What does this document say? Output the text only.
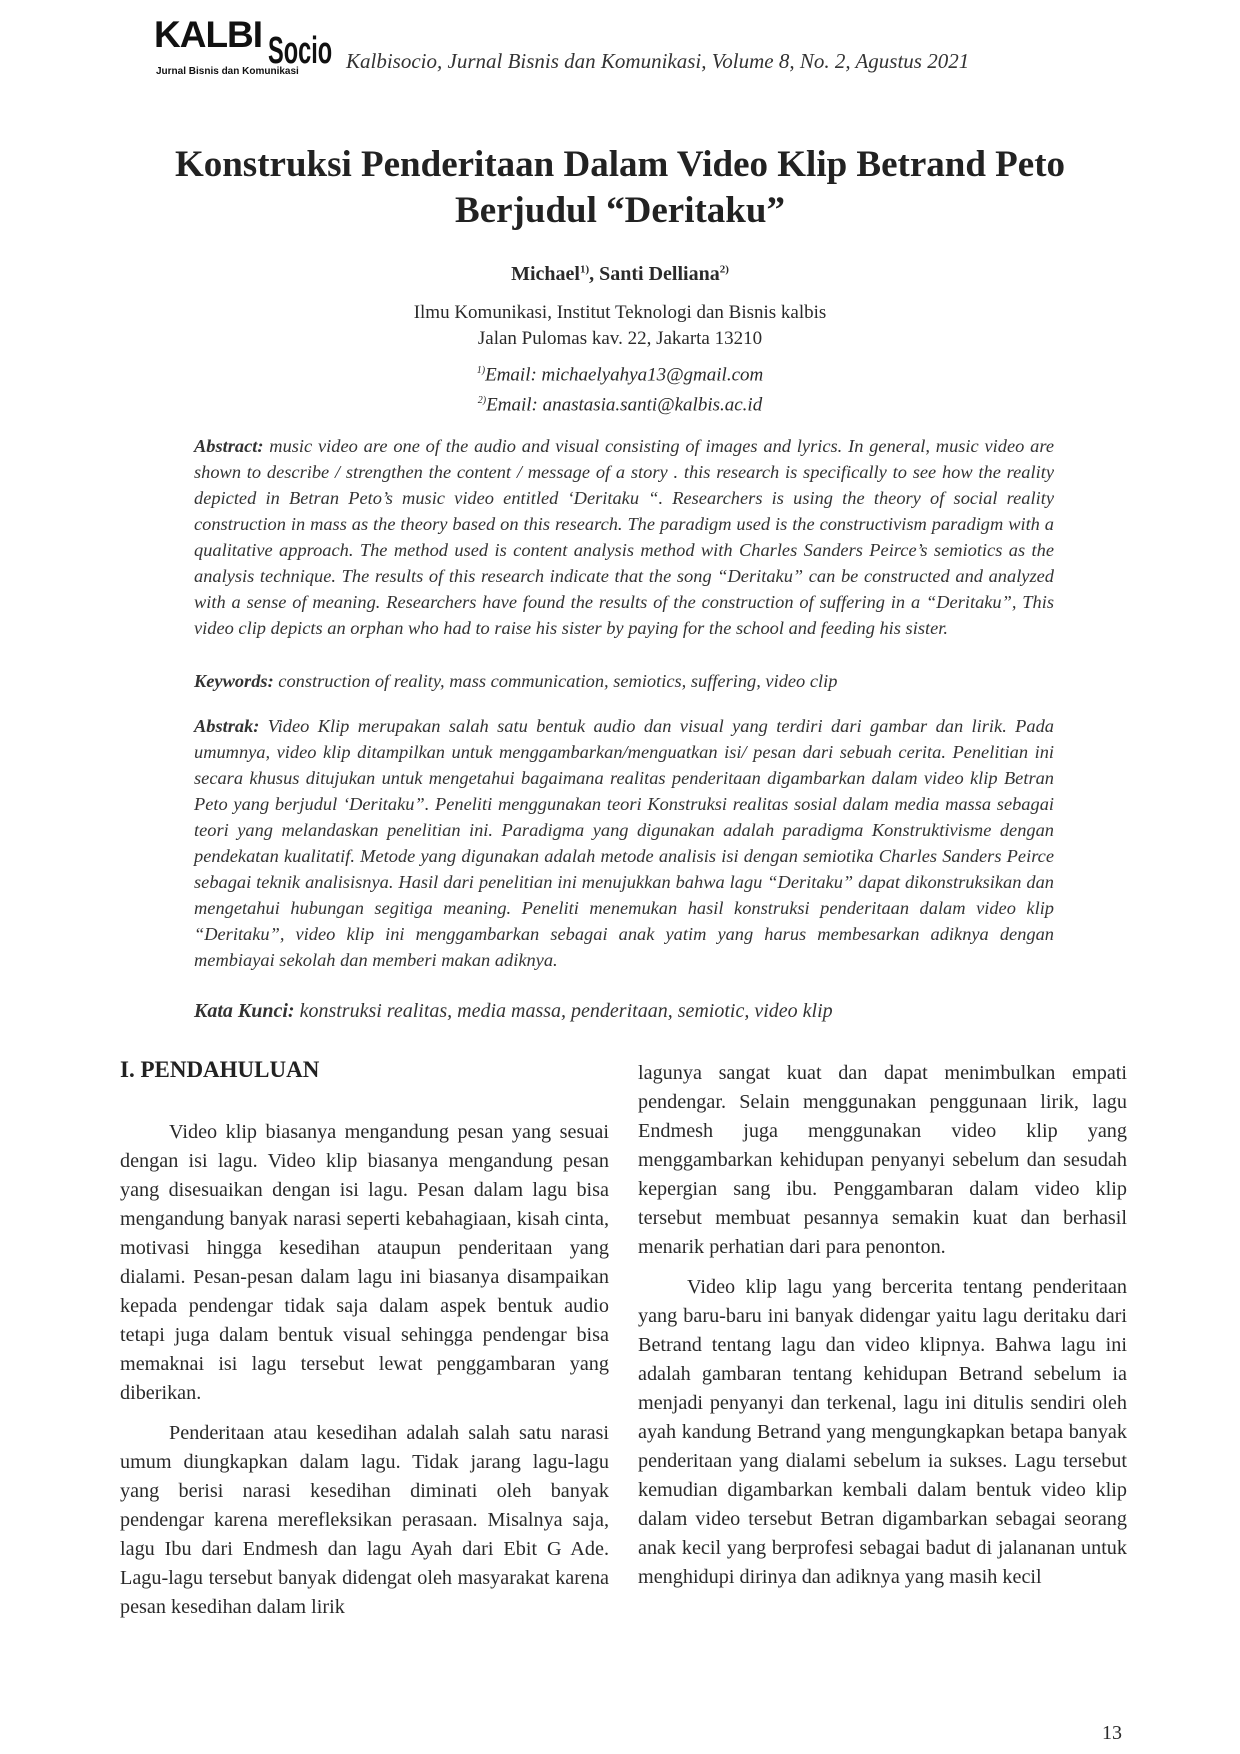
KALBI Socio
Jurnal Bisnis dan Komunikasi Kalbisocio, Jurnal Bisnis dan Komunikasi, Volume 8, No. 2, Agustus 2021
Konstruksi Penderitaan Dalam Video Klip Betrand Peto
Berjudul “Deritaku”
Michael$^{1)}$, Santi Delliana$^{2)}$
Ilmu Komunikasi, Institut Teknologi dan Bisnis kalbis
Jalan Pulomas kav. 22, Jakarta 13210
$^{1)}$Email: michaelyahya13@gmail.com
$^{2)}$Email: anastasia.santi@kalbis.ac.id

Abstract: music video are one of the audio and visual consisting of images and lyrics. In general, music video are shown to describe / strengthen the content / message of a story . this research is specifically to see how the reality depicted in Betran Peto’s music video entitled ‘Deritaku “. Researchers is using the theory of social reality construction in mass as the theory based on this research. The paradigm used is the constructivism paradigm with a qualitative approach. The method used is content analysis method with Charles Sanders Peirce’s semiotics as the analysis technique. The results of this research indicate that the song “Deritaku” can be constructed and analyzed with a sense of meaning. Researchers have found the results of the construction of suffering in a “Deritaku”, This video clip depicts an orphan who had to raise his sister by paying for the school and feeding his sister.

Keywords: construction of reality, mass communication, semiotics, suffering, video clip

Abstrak: Video Klip merupakan salah satu bentuk audio dan visual yang terdiri dari gambar dan lirik. Pada umumnya, video klip ditampilkan untuk menggambarkan/menguatkan isi/ pesan dari sebuah cerita. Penelitian ini secara khusus ditujukan untuk mengetahui bagaimana realitas penderitaan digambarkan dalam video klip Betran Peto yang berjudul ‘Deritaku”. Peneliti menggunakan teori Konstruksi realitas sosial dalam media massa sebagai teori yang melandaskan penelitian ini. Paradigma yang digunakan adalah paradigma Konstruktivisme dengan pendekatan kualitatif. Metode yang digunakan adalah metode analisis isi dengan semiotika Charles Sanders Peirce sebagai teknik analisisnya. Hasil dari penelitian ini menujukkan bahwa lagu “Deritaku” dapat dikonstruksikan dan mengetahui hubungan segitiga meaning. Peneliti menemukan hasil konstruksi penderitaan dalam video klip “Deritaku”, video klip ini menggambarkan sebagai anak yatim yang harus membesarkan adiknya dengan membiayai sekolah dan memberi makan adiknya.

Kata Kunci: konstruksi realitas, media massa, penderitaan, semiotic, video klip

I. PENDAHULUAN

Video klip biasanya mengandung pesan yang sesuai dengan isi lagu. Video klip biasanya mengandung pesan yang disesuaikan dengan isi lagu. Pesan dalam lagu bisa mengandung banyak narasi seperti kebahagiaan, kisah cinta, motivasi hingga kesedihan ataupun penderitaan yang dialami. Pesan-pesan dalam lagu ini biasanya disampaikan kepada pendengar tidak saja dalam aspek bentuk audio tetapi juga dalam bentuk visual sehingga pendengar bisa memaknai isi lagu tersebut lewat penggambaran yang diberikan.

Penderitaan atau kesedihan adalah salah satu narasi umum diungkapkan dalam lagu. Tidak jarang lagu-lagu yang berisi narasi kesedihan diminati oleh banyak pendengar karena merefleksikan perasaan. Misalnya saja, lagu Ibu dari Endmesh dan lagu Ayah dari Ebit G Ade. Lagu-lagu tersebut banyak didengat oleh masyarakat karena pesan kesedihan dalam lirik

lagunya sangat kuat dan dapat menimbulkan empati pendengar. Selain menggunakan penggunaan lirik, lagu Endmesh juga menggunakan video klip yang menggambarkan kehidupan penyanyi sebelum dan sesudah kepergian sang ibu. Penggambaran dalam video klip tersebut membuat pesannya semakin kuat dan berhasil menarik perhatian dari para penonton.

Video klip lagu yang bercerita tentang penderitaan yang baru-baru ini banyak didengar yaitu lagu deritaku dari Betrand tentang lagu dan video klipnya. Bahwa lagu ini adalah gambaran tentang kehidupan Betrand sebelum ia menjadi penyanyi dan terkenal, lagu ini ditulis sendiri oleh ayah kandung Betrand yang mengungkapkan betapa banyak penderitaan yang dialami sebelum ia sukses. Lagu tersebut kemudian digambarkan kembali dalam bentuk video klip dalam video tersebut Betran digambarkan sebagai seorang anak kecil yang berprofesi sebagai badut di jalananan untuk menghidupi dirinya dan adiknya yang masih kecil

13
